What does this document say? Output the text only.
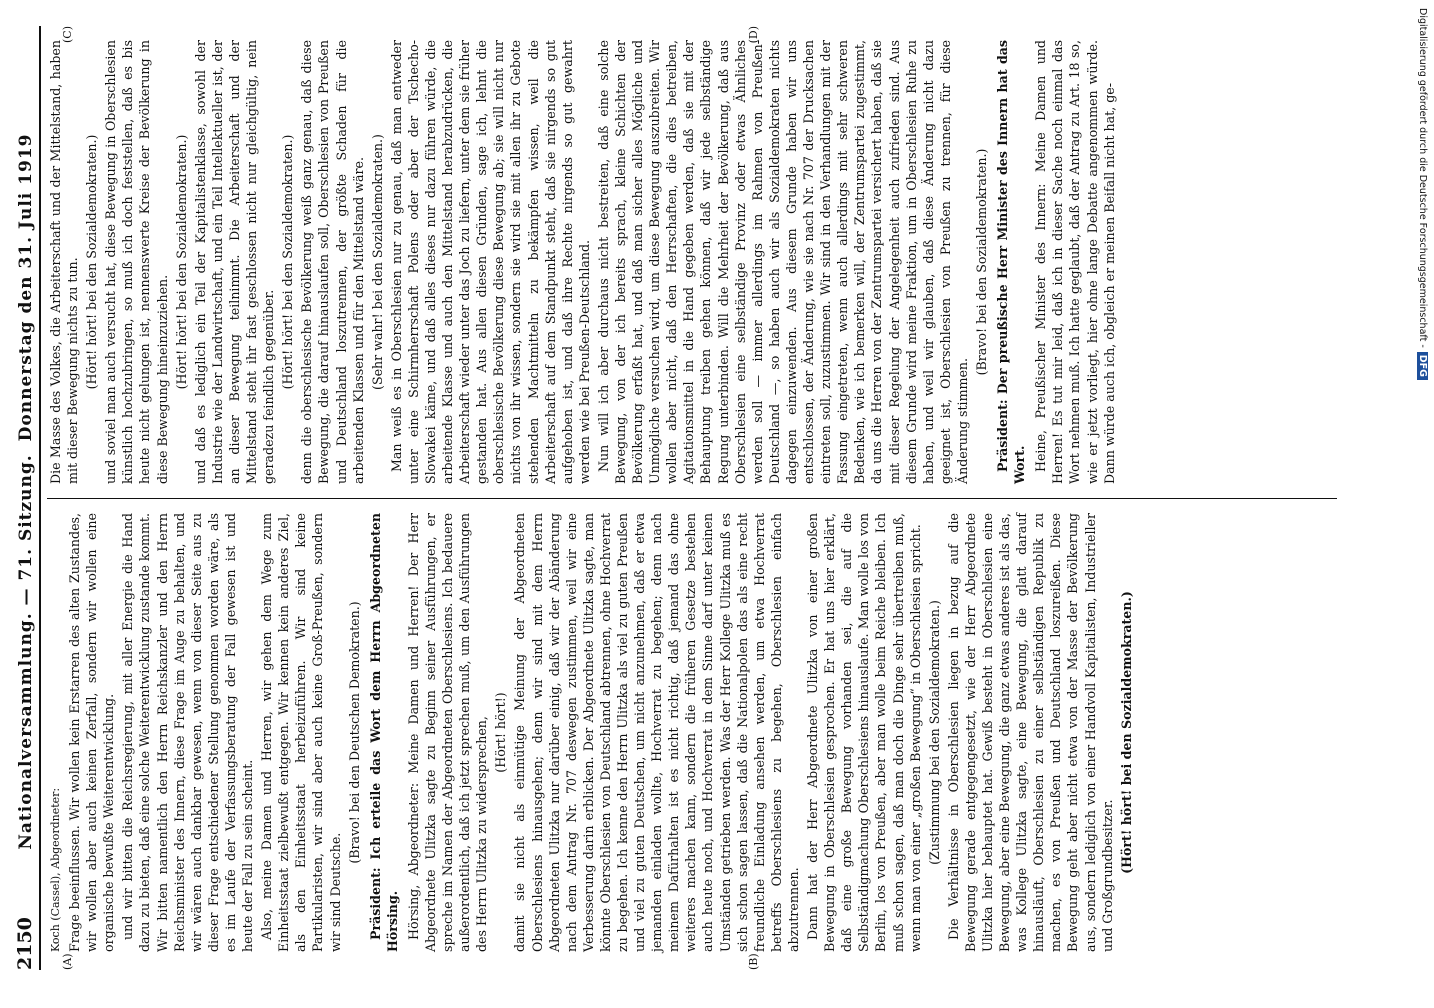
2150
Nationalversammlung. — 71. Sitzung. Donnerstag den 31. Juli 1919
(A)	(B)

Koch (Cassel), Abgeordneter: Frage beeinflussen. Wir wollen kein Erstarren des alten Zustandes, wir wollen aber auch keinen Zerfall, sondern wir wollen eine organische bewußte Weiterentwicklung. und wir bitten die Reichsregierung, mit aller Energie die Hand dazu zu bieten, daß eine solche Weiterentwicklung zustande kommt. Wir bitten namentlich den Herrn Reichskanzler und den Herrn Reichsminister des Innern, diese Frage im Auge zu behalten, und wir wären auch dankbar gewesen, wenn von dieser Seite aus zu dieser Frage entschiedener Stellung genommen worden wäre, als es im Laufe der Verfassungsberatung der Fall gewesen ist und heute der Fall zu sein scheint. Also, meine Damen und Herren, wir gehen dem Wege zum Einheitsstaat zielbewußt entgegen. Wir kennen kein anderes Ziel, als den Einheitsstaat herbeizuführen. Wir sind keine Partikularisten, wir sind aber auch keine Groß-Preußen, sondern wir sind Deutsche.

(Bravo! bei den Deutschen Demokraten.) Präsident: Ich erteile das Wort dem Herrn Abgeordneten Hörsing. Hörsing, Abgeordneter: Meine Damen und Herren! Der Herr Abgeordnete Ulitzka sagte zu Beginn seiner Ausführungen, er spreche im Namen der Abgeordneten Oberschlesiens. Ich bedauere außerordentlich, daß ich jetzt sprechen muß, um den Ausführungen des Herrn Ulitzka zu widersprechen, (Hört! hört!) damit sie nicht als einmütige Meinung der Abgeordneten Oberschlesiens hinausgehen; denn wir sind mit dem Herrn Abgeordneten Ulitzka nur darüber einig, daß wir der Abänderung nach dem Antrag Nr. 707 deswegen zustimmen, weil wir eine Verbesserung darin erblicken. Der Abgeordnete Ulitzka sagte, man könnte Oberschlesien von Deutschland abtrennen, ohne Hochverrat zu begehen. Ich kenne den Herrn Ulitzka als viel zu guten Preußen und viel zu guten Deutschen, um nicht anzunehmen, daß er etwa jemanden einladen wollte, Hochverrat zu begehen; denn nach meinem Dafürhalten ist es nicht richtig, daß jemand das ohne weiteres machen kann, sondern die früheren Gesetze bestehen auch heute noch, und Hochverrat in dem Sinne darf unter keinen Umständen getrieben werden. Was der Herr Kollege Ulitzka muß es sich schon sagen lassen, daß die Nationalpolen das als eine recht freundliche Einladung ansehen werden, um etwa Hochverrat betreffs Oberschlesiens zu begehen, Oberschlesien einfach abzutrennen. Dann hat der Herr Abgeordnete Ulitzka von einer großen Bewegung in Oberschlesien gesprochen. Er hat uns hier erklärt, daß eine große Bewegung vorhanden sei, die auf die Selbständigmachung Oberschlesiens hinauslaufe. Man wolle los von Berlin, los von Preußen, aber man wolle beim Reiche bleiben. Ich muß schon sagen, daß man doch die Dinge sehr übertreiben muß, wenn man von einer „großen Bewegung“ in Oberschlesien spricht. (Zustimmung bei den Sozialdemokraten.) Die Verhältnisse in Oberschlesien liegen in bezug auf die Bewegung gerade entgegengesetzt, wie der Herr Abgeordnete Ulitzka hier behauptet hat. Gewiß besteht in Oberschlesien eine Bewegung, aber eine Bewegung, die ganz etwas anderes ist als das, was Kollege Ulitzka sagte, eine Bewegung, die glatt darauf hinausläuft, Oberschlesien zu einer selbständigen Republik zu machen, es von Preußen und Deutschland loszureißen. Diese Bewegung geht aber nicht etwa von der Masse der Bevölkerung aus, sondern lediglich von einer Handvoll Kapitalisten, Industrieller und Großgrundbesitzer.

(Hört! hört! bei den Sozialdemokraten.)

(C)	(D)

Die Masse des Volkes, die Arbeiterschaft und der Mittelstand, haben mit dieser Bewegung nichts zu tun. (Hört! hört! bei den Sozialdemokraten.) und soviel man auch versucht hat, diese Bewegung in Oberschlesien künstlich hochzubringen, so muß ich doch feststellen, daß es bis heute nicht gelungen ist, nennenswerte Kreise der Bevölkerung in diese Bewegung hineinzuziehen. (Hört! hört! bei den Sozialdemokraten.) und daß es lediglich ein Teil der Kapitalistenklasse, sowohl der Industrie wie der Landwirtschaft, und ein Teil Intellektueller ist, der an dieser Bewegung teilnimmt. Die Arbeiterschaft und der Mittelstand steht ihr fast geschlossen nicht nur gleichgültig, nein geradezu feindlich gegenüber. (Hört! hört! bei den Sozialdemokraten.) denn die oberschlesische Bevölkerung weiß ganz genau, daß diese Bewegung, die darauf hinauslaufen soll, Oberschlesien von Preußen und Deutschland loszutrennen, der größte Schaden für die arbeitenden Klassen und für den Mittelstand wäre. (Sehr wahr! bei den Sozialdemokraten.) Man weiß es in Oberschlesien nur zu genau, daß man entweder unter eine Schirmherrschaft Polens oder aber der Tschecho-Slowakei käme, und daß alles dieses nur dazu führen würde, die arbeitende Klasse und auch den Mittelstand herabzudrücken, die Arbeiterschaft wieder unter das Joch zu liefern, unter dem sie früher gestanden hat. Aus allen diesen Gründen, sage ich, lehnt die oberschlesische Bevölkerung diese Bewegung ab; sie will nicht nur nichts von ihr wissen, sondern sie wird sie mit allen ihr zu Gebote stehenden Machtmitteln zu bekämpfen wissen, weil die Arbeiterschaft auf dem Standpunkt steht, daß sie nirgends so gut aufgehoben ist, und daß ihre Rechte nirgends so gut gewahrt werden wie bei Preußen-Deutschland. Nun will ich aber durchaus nicht bestreiten, daß eine solche Bewegung, von der ich bereits sprach, kleine Schichten der Bevölkerung erfaßt hat, und daß man sicher alles Mögliche und Unmögliche versuchen wird, um diese Bewegung auszubreiten. Wir wollen aber nicht, daß den Herrschaften, die dies betreiben, Agitationsmittel in die Hand gegeben werden, daß sie mit der Behauptung treiben gehen können, daß wir jede selbständige Regung unterbinden. Will die Mehrheit der Bevölkerung, daß aus Oberschlesien eine selbständige Provinz oder etwas Ähnliches werden soll — immer allerdings im Rahmen von Preußen-Deutschland —, so haben auch wir als Sozialdemokraten nichts dagegen einzuwenden. Aus diesem Grunde haben wir uns entschlossen, der Änderung, wie sie nach Nr. 707 der Drucksachen eintreten soll, zuzustimmen. Wir sind in den Verhandlungen mit der Fassung eingetreten, wenn auch allerdings mit sehr schweren Bedenken, wie ich bemerken will, der Zentrumspartei zugestimmt, da uns die Herren von der Zentrumspartei versichert haben, daß sie mit dieser Regelung der Angelegenheit auch zufrieden sind. Aus diesem Grunde wird meine Fraktion, um in Oberschlesien Ruhe zu haben, und weil wir glauben, daß diese Änderung nicht dazu geeignet ist, Oberschlesien von Preußen zu trennen, für diese Änderung stimmen.

(Bravo! bei den Sozialdemokraten.) Präsident: Der preußische Herr Minister des Innern hat das Wort. Heine, Preußischer Minister des Innern: Meine Damen und Herren! Es tut mir leid, daß ich in dieser Sache noch einmal das Wort nehmen muß. Ich hatte geglaubt, daß der Antrag zu Art. 18 so, wie er jetzt vorliegt, hier ohne lange Debatte angenommen würde. Dann würde auch ich, obgleich er meinen Beifall nicht hat, ge-	Digitalisierung gefördert durch die Deutsche Forschungsgemeinschaft -DFG
